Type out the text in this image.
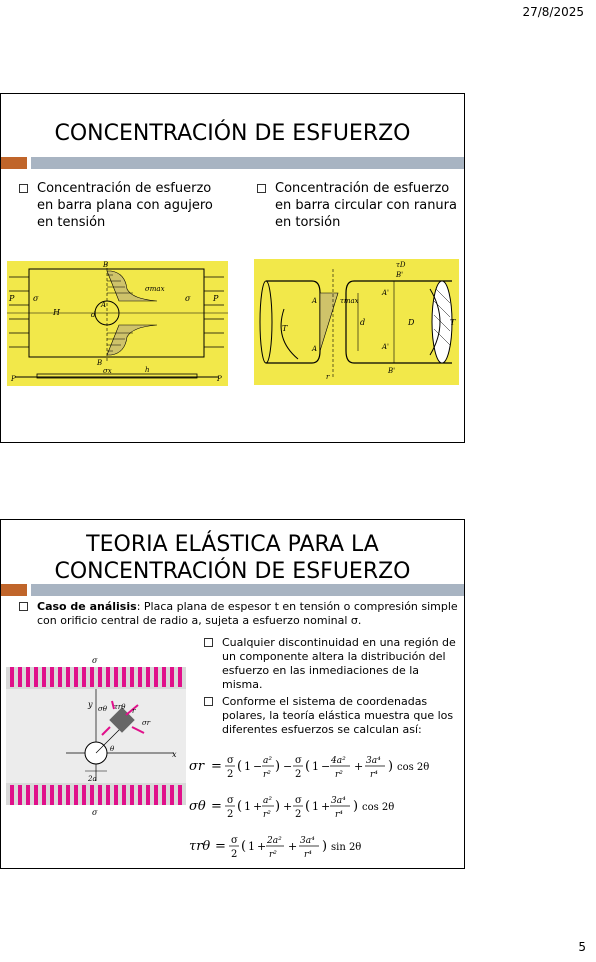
27/8/2025
CONCENTRACIÓN DE ESFUERZO
Concentración de esfuerzo en barra plana con agujero en tensión
Concentración de esfuerzo en barra circular con ranura en torsión
P σ
H
B
d
A
σmax
σ	P
B
σx
P	P
h
τD
τmax
d	D
T
T
A
A
A'
A'
B'
B'
r
TEORIA ELÁSTICA PARA LA
CONCENTRACIÓN DE ESFUERZO
Caso de análisis: Placa plana de espesor t en tensión o compresión simple con orificio central de radio a, sujeta a esfuerzo nominal σ.
Cualquier discontinuidad en una región de un componente altera la distribución del esfuerzo en las inmediaciones de la misma.
Conforme el sistema de coordenadas polares, la teoría elástica muestra que los diferentes esfuerzos se calculan así:
σ
σ
y
x
r
θ
2a
σθ τrθ
σr
σr = σ
2
( 1 − a²
r²
) − σ
2
( 1 − 4a²
r²
+ 3a⁴
r⁴
) cos 2θ
σθ = σ
2
( 1 + a²
r²
) + σ
2
( 1 + 3a⁴
r⁴
) cos 2θ
τrθ = σ
2
( 1 + 2a²
r²
+ 3a⁴
r⁴
) sin 2θ
5
